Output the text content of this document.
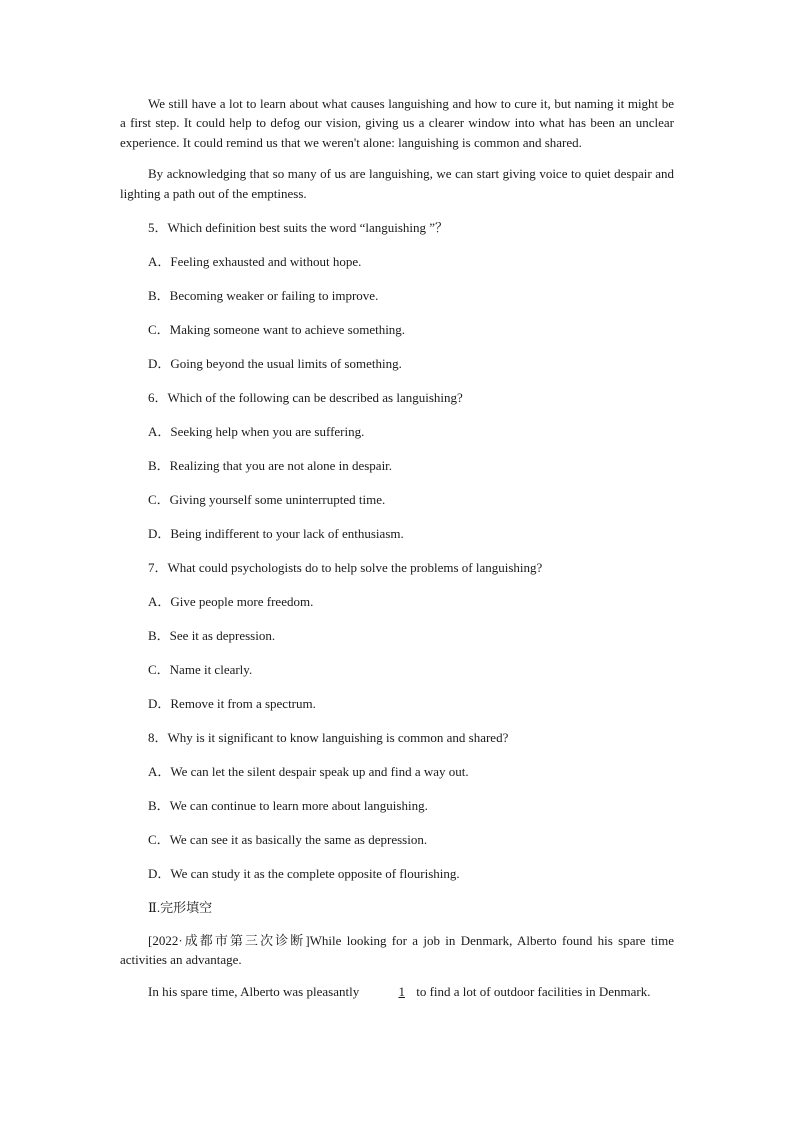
We still have a lot to learn about what causes languishing and how to cure it, but naming it might be a first step. It could help to defog our vision, giving us a clearer window into what has been an unclear experience. It could remind us that we weren't alone: languishing is common and shared.

By acknowledging that so many of us are languishing, we can start giving voice to quiet despair and lighting a path out of the emptiness.

5．Which definition best suits the word “languishing ”？

A．Feeling exhausted and without hope.

B．Becoming weaker or failing to improve.

C．Making someone want to achieve something.

D．Going beyond the usual limits of something.

6．Which of the following can be described as languishing?

A．Seeking help when you are suffering.

B．Realizing that you are not alone in despair.

C．Giving yourself some uninterrupted time.

D．Being indifferent to your lack of enthusiasm.

7．What could psychologists do to help solve the problems of languishing?

A．Give people more freedom.

B．See it as depression.

C．Name it clearly.

D．Remove it from a spectrum.

8．Why is it significant to know languishing is common and shared?

A．We can let the silent despair speak up and find a way out.

B．We can continue to learn more about languishing.

C．We can see it as basically the same as depression.

D．We can study it as the complete opposite of flourishing.

Ⅱ.完形填空

[2022·成都市第三次诊断]While looking for a job in Denmark, Alberto found his spare time activities an advantage.

In his spare time, Alberto was pleasantly	1 to find a lot of outdoor facilities in Denmark.
